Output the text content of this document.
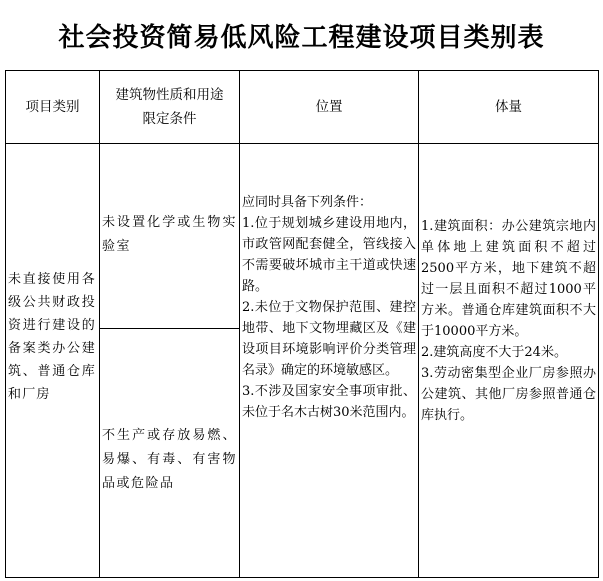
社会投资简易低风险工程建设项目类别表
项目类别
建筑物性质和用途限定条件
位置	体量
未直接使用各级公共财政投资进行建设的备案类办公建筑、普通仓库和厂房
未设置化学或生物实验室
不生产或存放易燃、易爆、有毒、有害物品或危险品
应同时具备下列条件：
1.位于规划城乡建设用地内，市政管网配套健全，管线接入不需要破坏城市主干道或快速路。
2.未位于文物保护范围、建控地带、地下文物埋藏区及《建设项目环境影响评价分类管理名录》确定的环境敏感区。
3.不涉及国家安全事项审批、未位于名木古树30米范围内。
1.建筑面积：办公建筑宗地内单体地上建筑面积不超过2500平方米，地下建筑不超过一层且面积不超过1000平方米。普通仓库建筑面积不大于10000平方米。
2.建筑高度不大于24米。
3.劳动密集型企业厂房参照办公建筑、其他厂房参照普通仓库执行。
